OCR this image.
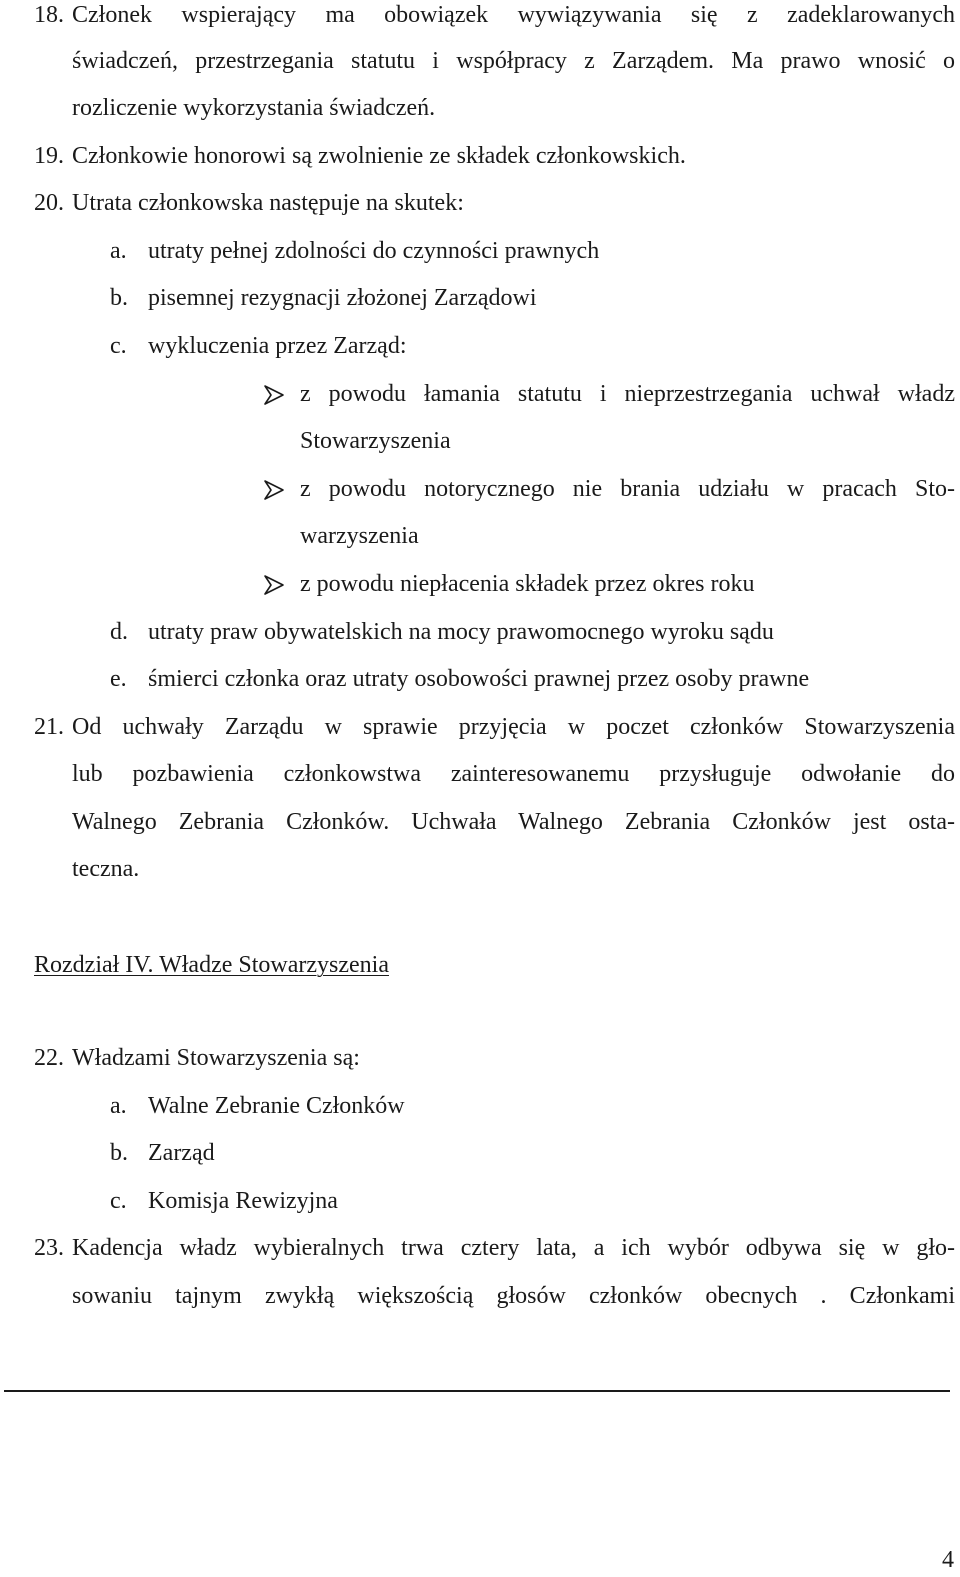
18. Członek wspierający ma obowiązek wywiązywania się z zadeklarowanych
świadczeń, przestrzegania statutu i współpracy z Zarządem. Ma prawo wnosić o
rozliczenie wykorzystania świadczeń.
19. Członkowie honorowi są zwolnienie ze składek członkowskich.
20. Utrata członkowska następuje na skutek:
a. utraty pełnej zdolności do czynności prawnych
b. pisemnej rezygnacji złożonej Zarządowi
c. wykluczenia przez Zarząd:
z powodu łamania statutu i nieprzestrzegania uchwał władz
Stowarzyszenia
z powodu notorycznego nie brania udziału w pracach Sto-
warzyszenia
z powodu niepłacenia składek przez okres roku
d. utraty praw obywatelskich na mocy prawomocnego wyroku sądu
e. śmierci członka oraz utraty osobowości prawnej przez osoby prawne
21. Od uchwały Zarządu w sprawie przyjęcia w poczet członków Stowarzyszenia
lub pozbawienia członkowstwa zainteresowanemu przysługuje odwołanie do
Walnego Zebrania Członków. Uchwała Walnego Zebrania Członków jest osta-
teczna.
Rozdział IV. Władze Stowarzyszenia
22. Władzami Stowarzyszenia są:
a. Walne Zebranie Członków
b. Zarząd
c. Komisja Rewizyjna
23. Kadencja władz wybieralnych trwa cztery lata, a ich wybór odbywa się w gło-
sowaniu tajnym zwykłą większością głosów członków obecnych . Członkami
4
